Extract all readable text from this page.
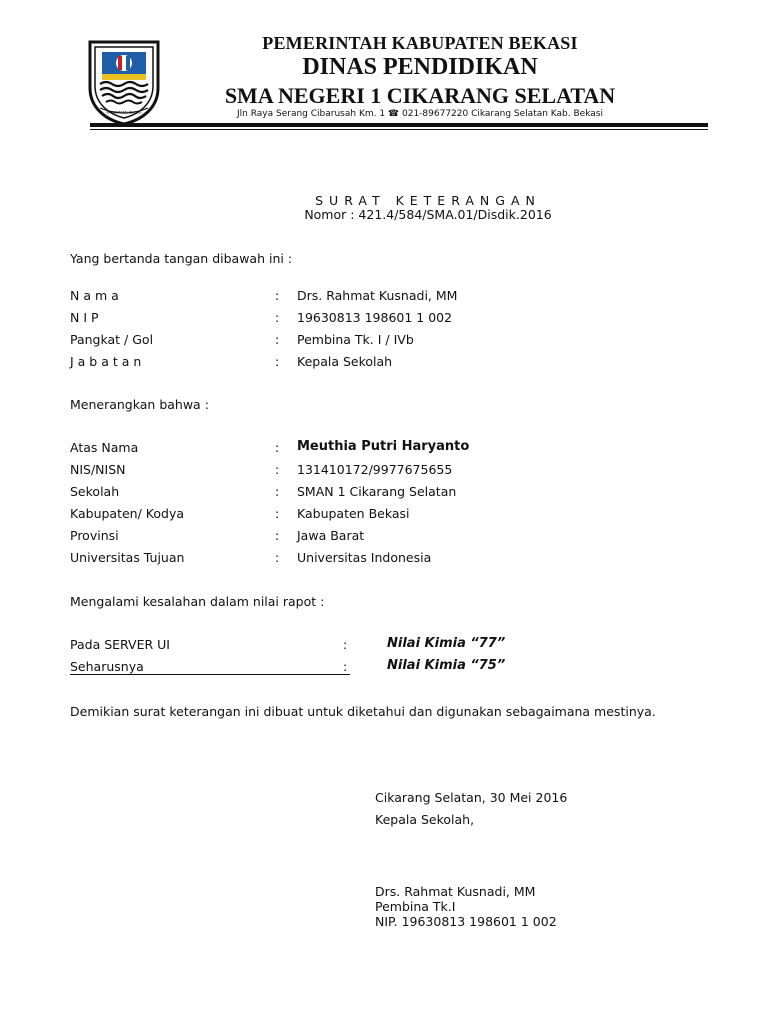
KABUPATEN BEKASI
PEMERINTAH KABUPATEN BEKASI
DINAS PENDIDIKAN
SMA NEGERI 1 CIKARANG SELATAN
Jln Raya Serang Cibarusah Km. 1 ☎ 021-89677220 Cikarang Selatan Kab. Bekasi
SURAT KETERANGAN
Nomor : 421.4/584/SMA.01/Disdik.2016
Yang bertanda tangan dibawah ini :
N a m a	: Drs. Rahmat Kusnadi, MM
N I P	: 19630813 198601 1 002
Pangkat / Gol	: Pembina Tk. I / IVb
J a b a t a n	: Kepala Sekolah
Menerangkan bahwa :
Atas Nama	: Meuthia Putri Haryanto
NIS/NISN	: 131410172/9977675655
Sekolah	: SMAN 1 Cikarang Selatan
Kabupaten/ Kodya	: Kabupaten Bekasi
Provinsi	: Jawa Barat
Universitas Tujuan	: Universitas Indonesia
Mengalami kesalahan dalam nilai rapot :
Pada SERVER UI	:	Nilai Kimia “77”
Seharusnya	:	Nilai Kimia “75”
Demikian surat keterangan ini dibuat untuk diketahui dan digunakan sebagaimana mestinya.
Cikarang Selatan, 30 Mei 2016
Kepala Sekolah,
Drs. Rahmat Kusnadi, MM
Pembina Tk.I
NIP. 19630813 198601 1 002
